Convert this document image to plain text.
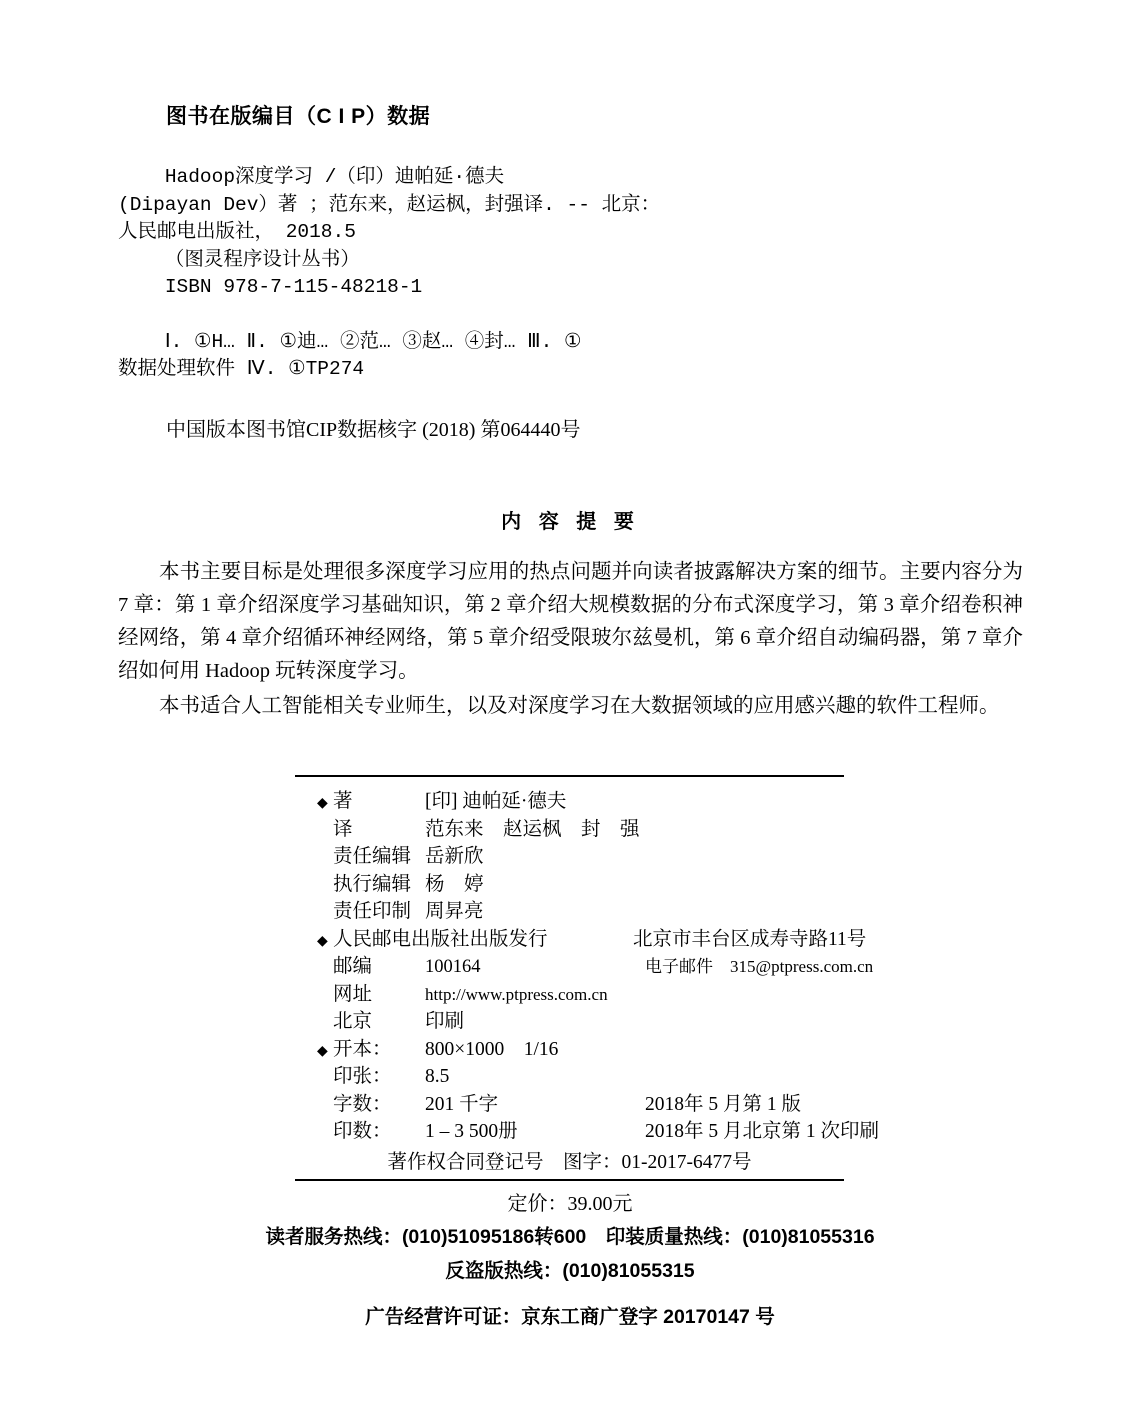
图书在版编目（C I P）数据
Hadoop深度学习 /（印）迪帕延·德夫
(Dipayan Dev）著 ；范东来，赵运枫，封强译. -- 北京：
人民邮电出版社， 2018.5
（图灵程序设计丛书）
ISBN 978-7-115-48218-1
Ⅰ. ①H… Ⅱ. ①迪… ②范… ③赵… ④封… Ⅲ. ①
数据处理软件 Ⅳ. ①TP274
中国版本图书馆CIP数据核字 (2018) 第064440号
内 容 提 要

本书主要目标是处理很多深度学习应用的热点问题并向读者披露解决方案的细节。主要内容分为 7 章：第 1 章介绍深度学习基础知识，第 2 章介绍大规模数据的分布式深度学习，第 3 章介绍卷积神经网络，第 4 章介绍循环神经网络，第 5 章介绍受限玻尔兹曼机，第 6 章介绍自动编码器，第 7 章介绍如何用 Hadoop 玩转深度学习。

本书适合人工智能相关专业师生，以及对深度学习在大数据领域的应用感兴趣的软件工程师。

◆ 著	[印] 迪帕延·德夫
译	范东来　赵运枫　封　强
责任编辑 岳新欣
执行编辑 杨　婷
责任印制 周昇亮
◆ 人民邮电出版社出版发行	北京市丰台区成寿寺路11号
邮编	100164	电子邮件　315@ptpress.com.cn
网址	http://www.ptpress.com.cn
北京	印刷
◆ 开本：	800×1000　1/16
印张：	8.5
字数：	201 千字	2018年 5 月第 1 版
印数：	1 – 3 500册	2018年 5 月北京第 1 次印刷
著作权合同登记号　图字：01-2017-6477号
定价：39.00元
读者服务热线：(010)51095186转600　印装质量热线：(010)81055316
反盗版热线：(010)81055315
广告经营许可证：京东工商广登字 20170147 号
